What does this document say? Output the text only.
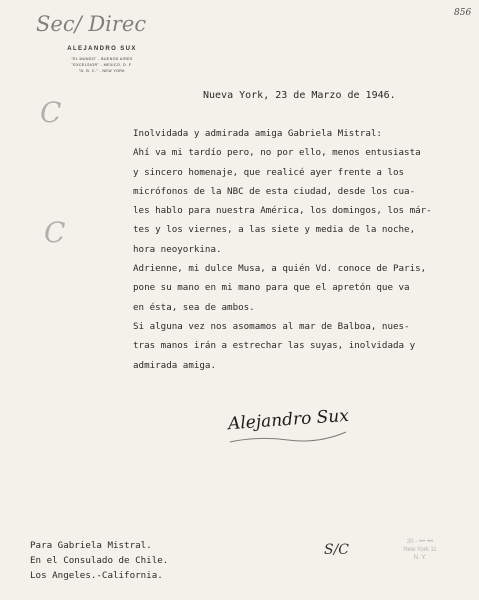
Sec/ Direc	856
C
C
ALEJANDRO SUX
"EL MUNDO" - BUENOS AIRES
"EXCELSIOR" - MEXICO, D. F.
"N. B. C." - NEW YORK
Nueva York, 23 de Marzo de 1946.

Inolvidada y admirada amiga Gabriela Mistral:

Ahí va mi tardío pero, no por ello, menos entusiasta
y sincero homenaje, que realicé ayer frente a los
micrófonos de la NBC de esta ciudad, desde los cua-
les hablo para nuestra América, los domingos, los már-
tes y los viernes, a las siete y media de la noche,
hora neoyorkina.

Adrienne, mi dulce Musa, a quién Vd. conoce de Paris,
pone su mano en mi mano para que el apretón que va
en ésta, sea de ambos.

Si alguna vez nos asomamos al mar de Balboa, nues-
tras manos irán a estrechar las suyas, inolvidada y
admirada amiga.

Alejandro Sux
Para Gabriela Mistral.
En el Consulado de Chile.
Los Angeles.-California.
S/C	30 - ••• •••
New York 11
N. Y.
